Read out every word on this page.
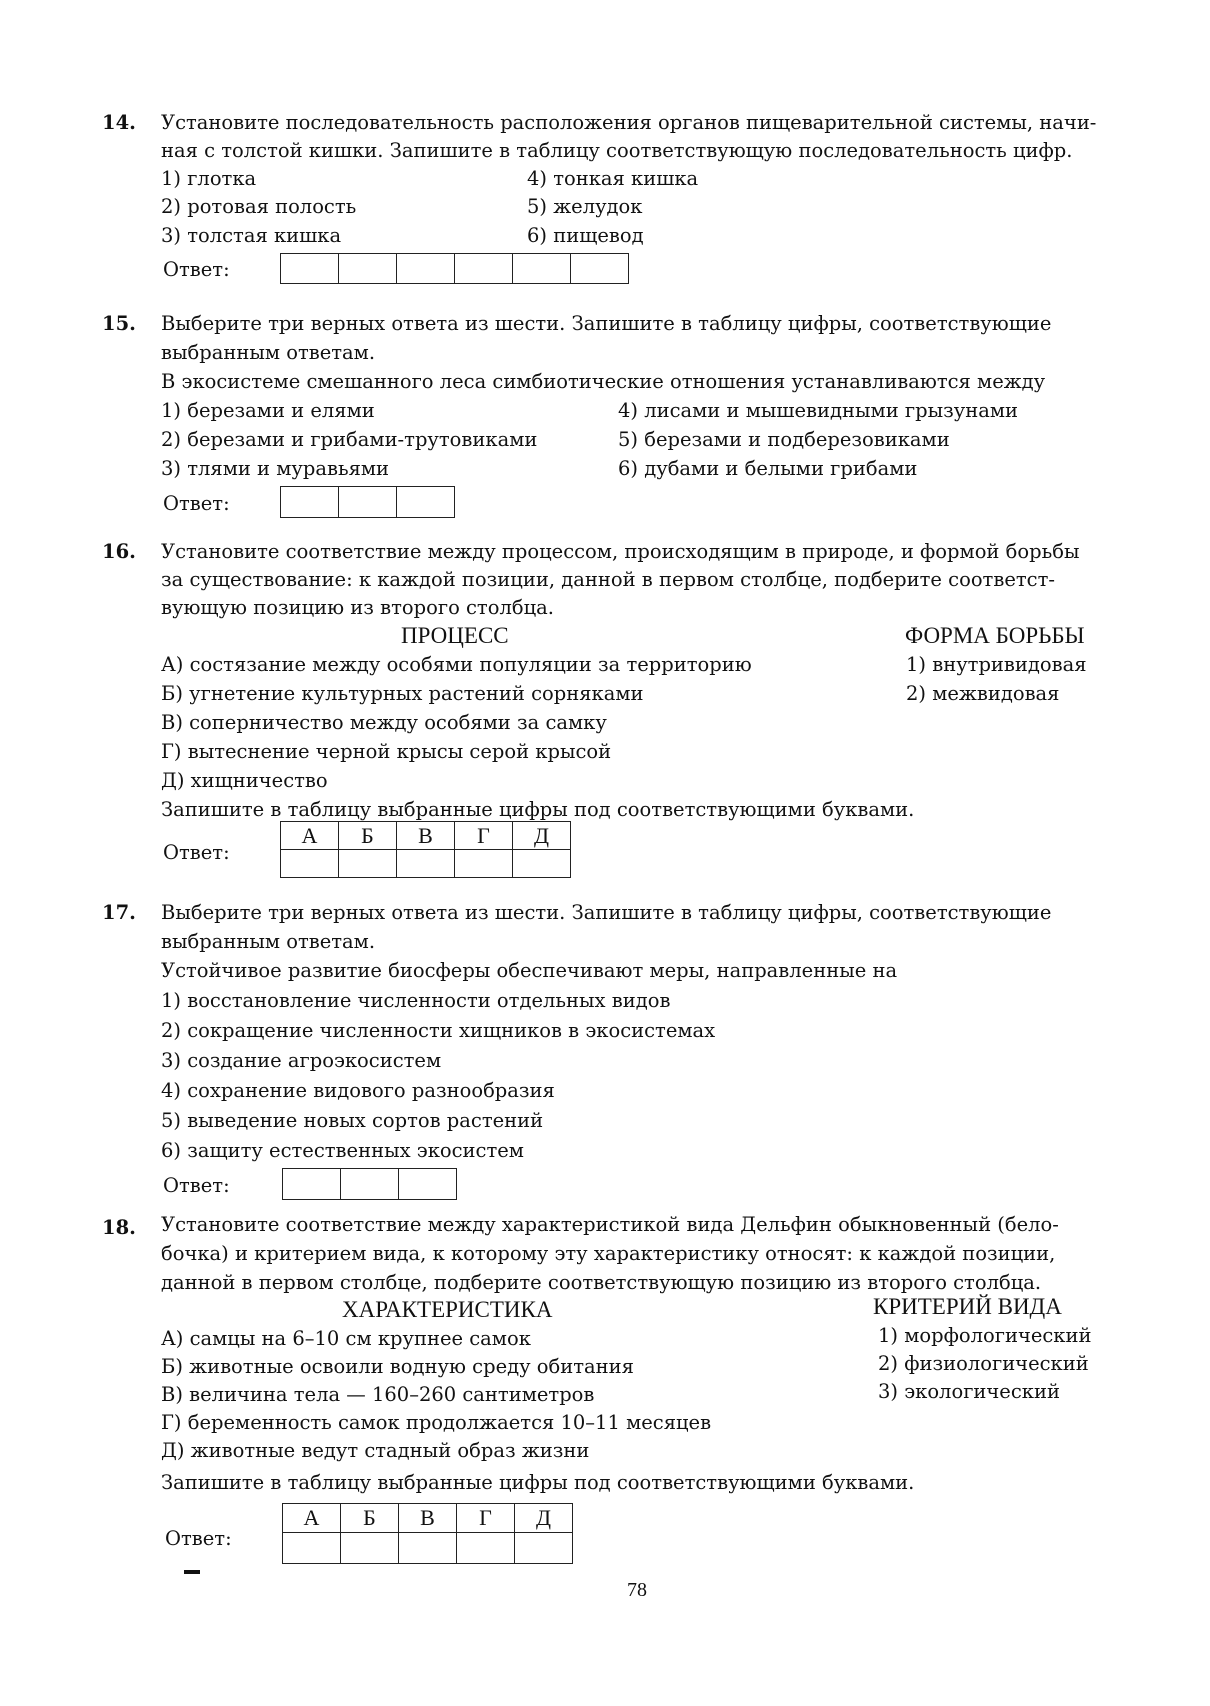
14. Установите последовательность расположения органов пищеварительной системы, начи-
ная с толстой кишки. Запишите в таблицу соответствующую последовательность цифр.
1) глотка
2) ротовая полость
3) толстая кишка
4) тонкая кишка
5) желудок
6) пищевод
Ответ:

15. Выберите три верных ответа из шести. Запишите в таблицу цифры, соответствующие
выбранным ответам.
В экосистеме смешанного леса симбиотические отношения устанавливаются между
1) березами и елями
2) березами и грибами-трутовиками
3) тлями и муравьями
4) лисами и мышевидными грызунами
5) березами и подберезовиками
6) дубами и белыми грибами
Ответ:

16. Установите соответствие между процессом, происходящим в природе, и формой борьбы
за существование: к каждой позиции, данной в первом столбце, подберите соответст-
вующую позицию из второго столбца.
ПРОЦЕСС	ФОРМА БОРЬБЫ
А) состязание между особями популяции за территорию
Б) угнетение культурных растений сорняками
В) соперничество между особями за самку
Г) вытеснение черной крысы серой крысой
Д) хищничество
1) внутривидовая
2) межвидовая
Запишите в таблицу выбранные цифры под соответствующими буквами.
Ответ:
А	Б	В	Г	Д

17. Выберите три верных ответа из шести. Запишите в таблицу цифры, соответствующие
выбранным ответам.
Устойчивое развитие биосферы обеспечивают меры, направленные на
1) восстановление численности отдельных видов
2) сокращение численности хищников в экосистемах
3) создание агроэкосистем
4) сохранение видового разнообразия
5) выведение новых сортов растений
6) защиту естественных экосистем
Ответ:

18. Установите соответствие между характеристикой вида Дельфин обыкновенный (бело-
бочка) и критерием вида, к которому эту характеристику относят: к каждой позиции,
данной в первом столбце, подберите соответствующую позицию из второго столбца.
ХАРАКТЕРИСТИКА	КРИТЕРИЙ ВИДА
А) самцы на 6–10 см крупнее самок
Б) животные освоили водную среду обитания
В) величина тела — 160–260 сантиметров
Г) беременность самок продолжается 10–11 месяцев
Д) животные ведут стадный образ жизни
1) морфологический
2) физиологический
3) экологический
Запишите в таблицу выбранные цифры под соответствующими буквами.
Ответ:
А	Б	В	Г	Д

78
